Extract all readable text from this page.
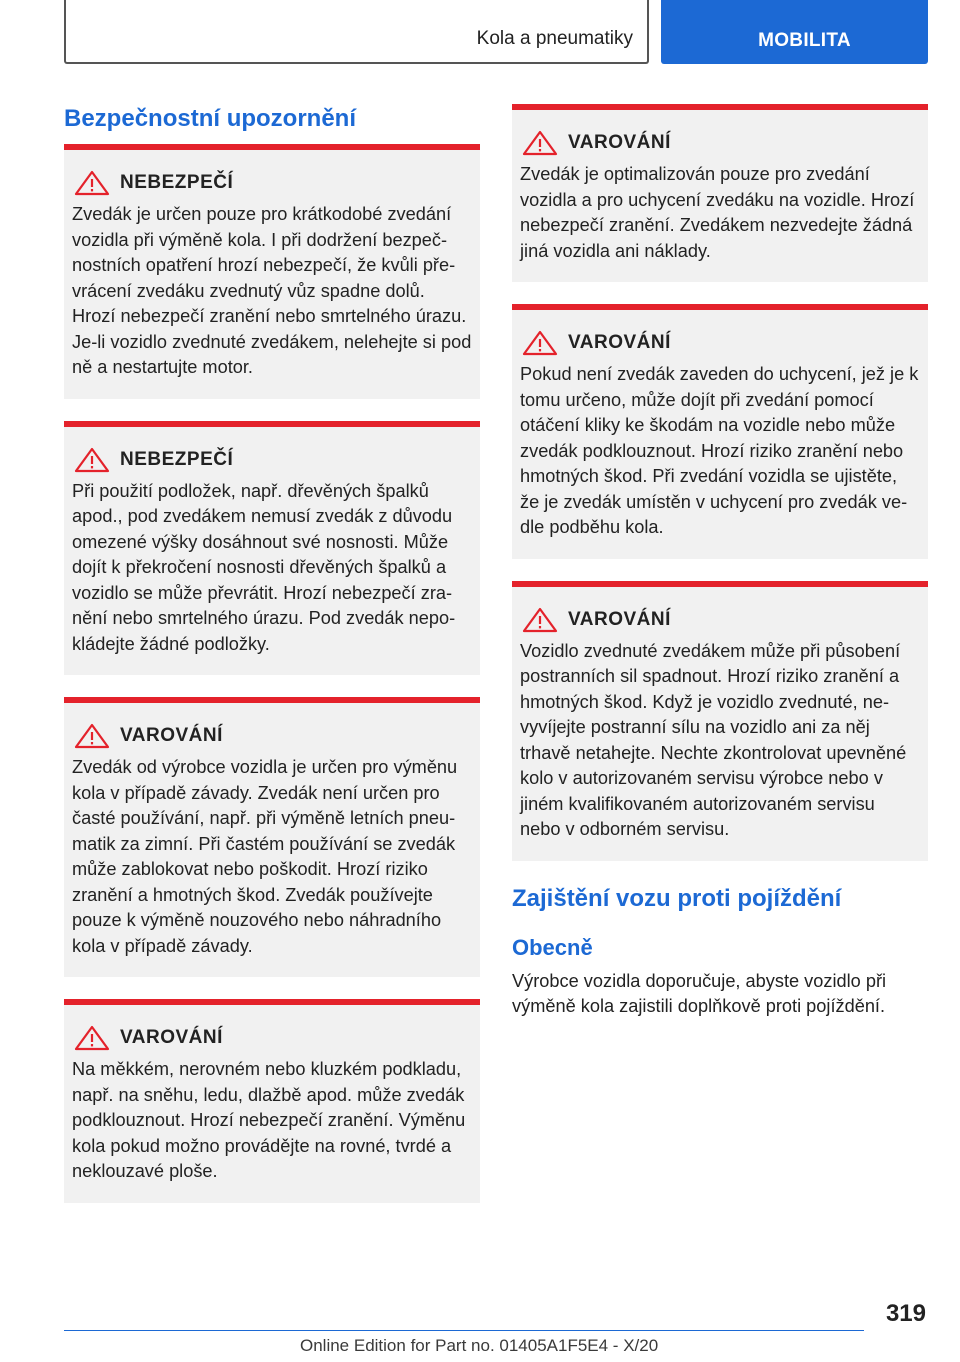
Kola a pneumatiky	MOBILITA
Bezpečnostní upozornění
NEBEZPEČÍ
Zvedák je určen pouze pro krátkodobé zvedání vozidla při výměně kola. I při dodržení bezpečnostních opatření hrozí nebezpečí, že kvůli převrácení zvedáku zvednutý vůz spadne dolů. Hrozí nebezpečí zranění nebo smrtelného úrazu. Je-li vozidlo zvednuté zvedákem, nelehejte si pod ně a nestartujte motor.
NEBEZPEČÍ
Při použití podložek, např. dřevěných špalků apod., pod zvedákem nemusí zvedák z důvodu omezené výšky dosáhnout své nosnosti. Může dojít k překročení nosnosti dřevěných špalků a vozidlo se může převrátit. Hrozí nebezpečí zranění nebo smrtelného úrazu. Pod zvedák nepokládejte žádné podložky.
VAROVÁNÍ
Zvedák od výrobce vozidla je určen pro výměnu kola v případě závady. Zvedák není určen pro časté používání, např. při výměně letních pneumatik za zimní. Při častém používání se zvedák může zablokovat nebo poškodit. Hrozí riziko zranění a hmotných škod. Zvedák používejte pouze k výměně nouzového nebo náhradního kola v případě závady.
VAROVÁNÍ
Na měkkém, nerovném nebo kluzkém podkladu, např. na sněhu, ledu, dlažbě apod. může zvedák podklouznout. Hrozí nebezpečí zranění. Výměnu kola pokud možno provádějte na rovné, tvrdé a neklouzavé ploše.
VAROVÁNÍ
Zvedák je optimalizován pouze pro zvedání vozidla a pro uchycení zvedáku na vozidle. Hrozí nebezpečí zranění. Zvedákem nezvedejte žádná jiná vozidla ani náklady.
VAROVÁNÍ
Pokud není zvedák zaveden do uchycení, jež je k tomu určeno, může dojít při zvedání pomocí otáčení kliky ke škodám na vozidle nebo může zvedák podklouznout. Hrozí riziko zranění nebo hmotných škod. Při zvedání vozidla se ujistěte, že je zvedák umístěn v uchycení pro zvedák vedle podběhu kola.
VAROVÁNÍ
Vozidlo zvednuté zvedákem může při působení postranních sil spadnout. Hrozí riziko zranění a hmotných škod. Když je vozidlo zvednuté, nevyvíjejte postranní sílu na vozidlo ani za něj trhavě netahejte. Nechte zkontrolovat upevněné kolo v autorizovaném servisu výrobce nebo v jiném kvalifikovaném autorizovaném servisu nebo v odborném servisu.
Zajištění vozu proti pojíždění
Obecně
Výrobce vozidla doporučuje, abyste vozidlo při výměně kola zajistili doplňkově proti pojíždění.
319
Online Edition for Part no. 01405A1F5E4 - X/20
